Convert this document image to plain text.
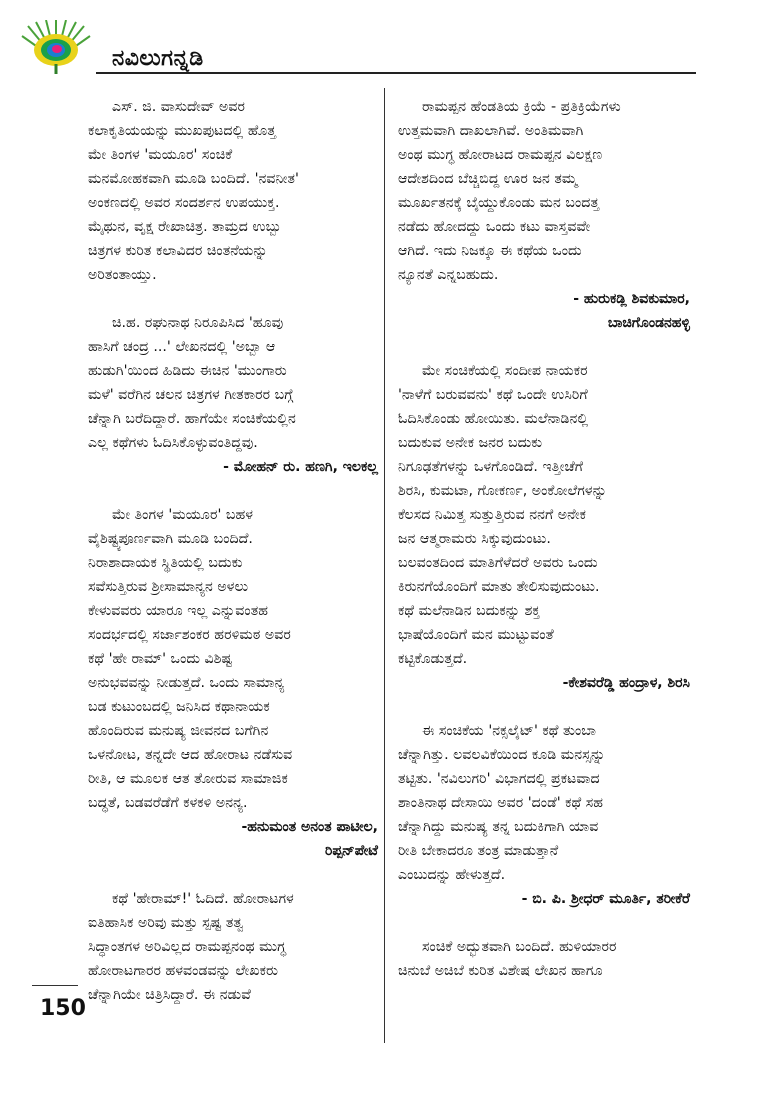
ನವಿಲುಗನ್ನಡಿ
ಎಸ್. ಜಿ. ವಾಸುದೇವ್ ಅವರ
ಕಲಾಕೃತಿಯಯನ್ನು ಮುಖಪುಟದಲ್ಲಿ ಹೊತ್ತ
ಮೇ ತಿಂಗಳ 'ಮಯೂರ' ಸಂಚಿಕೆ
ಮನಮೋಹಕವಾಗಿ ಮೂಡಿ ಬಂದಿದೆ. 'ನವನೀತ'
ಅಂಕಣದಲ್ಲಿ ಅವರ ಸಂದರ್ಶನ ಉಪಯುಕ್ತ.
ಮೈಥುನ, ವೃಕ್ಷ ರೇಖಾಚಿತ್ರ. ತಾಮ್ರದ ಉಬ್ಬು
ಚಿತ್ರಗಳ ಕುರಿತ ಕಲಾವಿದರ ಚಿಂತನೆಯನ್ನು
ಅರಿತಂತಾಯ್ತು.
ಚಿ.ಹ. ರಘುನಾಥ ನಿರೂಪಿಸಿದ 'ಹೂವು
ಹಾಸಿಗೆ ಚಂದ್ರ ...' ಲೇಖನದಲ್ಲಿ 'ಅಬ್ಬಾ ಆ
ಹುಡುಗಿ'ಯಿಂದ ಹಿಡಿದು ಈಚಿನ 'ಮುಂಗಾರು
ಮಳೆ' ವರೆಗಿನ ಚಲನ ಚಿತ್ರಗಳ ಗೀತಕಾರರ ಬಗ್ಗೆ
ಚೆನ್ನಾಗಿ ಬರೆದಿದ್ದಾರೆ. ಹಾಗೆಯೇ ಸಂಚಿಕೆಯಲ್ಲಿನ
ಎಲ್ಲ ಕಥೆಗಳು ಓದಿಸಿಕೊಳ್ಳುವಂತಿದ್ದವು.
- ಮೋಹನ್ ರು. ಹಣಗಿ, ಇಲಕಲ್ಲ
ಮೇ ತಿಂಗಳ 'ಮಯೂರ' ಬಹಳ
ವೈಶಿಷ್ಟ್ಯಪೂರ್ಣವಾಗಿ ಮೂಡಿ ಬಂದಿದೆ.
ನಿರಾಶಾದಾಯಕ ಸ್ಥಿತಿಯಲ್ಲಿ ಬದುಕು
ಸವೆಸುತ್ತಿರುವ ಶ್ರೀಸಾಮಾನ್ಯನ ಅಳಲು
ಕೇಳುವವರು ಯಾರೂ ಇಲ್ಲ ಎನ್ನುವಂತಹ
ಸಂದರ್ಭದಲ್ಲಿ ಸರ್ಜಾಶಂಕರ ಹರಳಿಮಠ ಅವರ
ಕಥೆ 'ಹೇ ರಾಮ್' ಒಂದು ವಿಶಿಷ್ಟ
ಅನುಭವವನ್ನು ನೀಡುತ್ತದೆ. ಒಂದು ಸಾಮಾನ್ಯ
ಬಡ ಕುಟುಂಬದಲ್ಲಿ ಜನಿಸಿದ ಕಥಾನಾಯಕ
ಹೊಂದಿರುವ ಮನುಷ್ಯ ಜೀವನದ ಬಗೆಗಿನ
ಒಳನೋಟ, ತನ್ನದೇ ಆದ ಹೋರಾಟ ನಡೆಸುವ
ರೀತಿ, ಆ ಮೂಲಕ ಆತ ತೋರುವ ಸಾಮಾಜಿಕ
ಬದ್ಧತೆ, ಬಡವರೆಡೆಗೆ ಕಳಕಳಿ ಅನನ್ಯ.
-ಹನುಮಂತ ಅನಂತ ಪಾಟೀಲ,
ರಿಪ್ಪನ್‌ಪೇಟೆ
ಕಥೆ 'ಹೇರಾಮ್!' ಓದಿದೆ. ಹೋರಾಟಗಳ
ಐತಿಹಾಸಿಕ ಅರಿವು ಮತ್ತು ಸ್ಪಷ್ಟ ತತ್ವ
ಸಿದ್ಧಾಂತಗಳ ಅರಿವಿಲ್ಲದ ರಾಮಪ್ಪನಂಥ ಮುಗ್ಧ
ಹೋರಾಟಗಾರರ ಹಳವಂಡವನ್ನು ಲೇಖಕರು
ಚೆನ್ನಾಗಿಯೇ ಚಿತ್ರಿಸಿದ್ದಾರೆ. ಈ ನಡುವೆ
ರಾಮಪ್ಪನ ಹೆಂಡತಿಯ ಕ್ರಿಯೆ - ಪ್ರತಿಕ್ರಿಯೆಗಳು
ಉತ್ತಮವಾಗಿ ದಾಖಲಾಗಿವೆ. ಅಂತಿಮವಾಗಿ
ಅಂಥ ಮುಗ್ಧ ಹೋರಾಟದ ರಾಮಪ್ಪನ ವಿಲಕ್ಷಣ
ಆದೇಶದಿಂದ ಬೆಚ್ಚಿಬಿದ್ದ ಊರ ಜನ ತಮ್ಮ
ಮೂರ್ಖತನಕ್ಕೆ ಬೈಯ್ದುಕೊಂಡು ಮನ ಬಂದತ್ತ
ನಡೆದು ಹೋದದ್ದು ಒಂದು ಕಟು ವಾಸ್ತವವೇ
ಆಗಿದೆ. ಇದು ನಿಜಕ್ಕೂ ಈ ಕಥೆಯ ಒಂದು
ನ್ಯೂನತೆ ಎನ್ನಬಹುದು.
- ಹುರುಕಡ್ಲಿ ಶಿವಕುಮಾರ,
ಬಾಚಿಗೊಂಡನಹಳ್ಳಿ
ಮೇ ಸಂಚಿಕೆಯಲ್ಲಿ ಸಂದೀಪ ನಾಯಕರ
'ನಾಳೆಗೆ ಬರುವವನು' ಕಥೆ ಒಂದೇ ಉಸಿರಿಗೆ
ಓದಿಸಿಕೊಂಡು ಹೋಯಿತು. ಮಲೆನಾಡಿನಲ್ಲಿ
ಬದುಕುವ ಅನೇಕ ಜನರ ಬದುಕು
ನಿಗೂಢತೆಗಳನ್ನು ಒಳಗೊಂಡಿದೆ. ಇತ್ತೀಚೆಗೆ
ಶಿರಸಿ, ಕುಮಟಾ, ಗೋಕರ್ಣ, ಅಂಕೋಲೆಗಳನ್ನು
ಕೆಲಸದ ನಿಮಿತ್ತ ಸುತ್ತುತ್ತಿರುವ ನನಗೆ ಅನೇಕ
ಜನ ಆತ್ಮರಾಮರು ಸಿಕ್ಕುವುದುಂಟು.
ಬಲವಂತದಿಂದ ಮಾತಿಗೆಳೆದರೆ ಅವರು ಒಂದು
ಕಿರುನಗೆಯೊಂದಿಗೆ ಮಾತು ತೇಲಿಸುವುದುಂಟು.
ಕಥೆ ಮಲೆನಾಡಿನ ಬದುಕನ್ನು ಶಕ್ತ
ಭಾಷೆಯೊಂದಿಗೆ ಮನ ಮುಟ್ಟುವಂತೆ
ಕಟ್ಟಿಕೊಡುತ್ತದೆ.
-ಕೇಶವರೆಡ್ಡಿ ಹಂದ್ರಾಳ, ಶಿರಸಿ
ಈ ಸಂಚಿಕೆಯ 'ನಕ್ಸಲೈಟ್' ಕಥೆ ತುಂಬಾ
ಚೆನ್ನಾಗಿತ್ತು. ಲವಲವಿಕೆಯಿಂದ ಕೂಡಿ ಮನಸ್ಸನ್ನು
ತಟ್ಟಿತು. 'ನವಿಲುಗರಿ' ವಿಭಾಗದಲ್ಲಿ ಪ್ರಕಟವಾದ
ಶಾಂತಿನಾಥ ದೇಸಾಯಿ ಅವರ 'ದಂಡೆ' ಕಥೆ ಸಹ
ಚೆನ್ನಾಗಿದ್ದು ಮನುಷ್ಯ ತನ್ನ ಬದುಕಿಗಾಗಿ ಯಾವ
ರೀತಿ ಬೇಕಾದರೂ ತಂತ್ರ ಮಾಡುತ್ತಾನೆ
ಎಂಬುದನ್ನು ಹೇಳುತ್ತದೆ.
- ಬಿ. ಪಿ. ಶ್ರೀಧರ್ ಮೂರ್ತಿ, ತರೀಕೆರೆ
ಸಂಚಿಕೆ ಅದ್ಭುತವಾಗಿ ಬಂದಿದೆ. ಹುಳಿಯಾರರ
ಚಿನುಬೆ ಅಚಿಬೆ ಕುರಿತ ವಿಶೇಷ ಲೇಖನ ಹಾಗೂ
150
